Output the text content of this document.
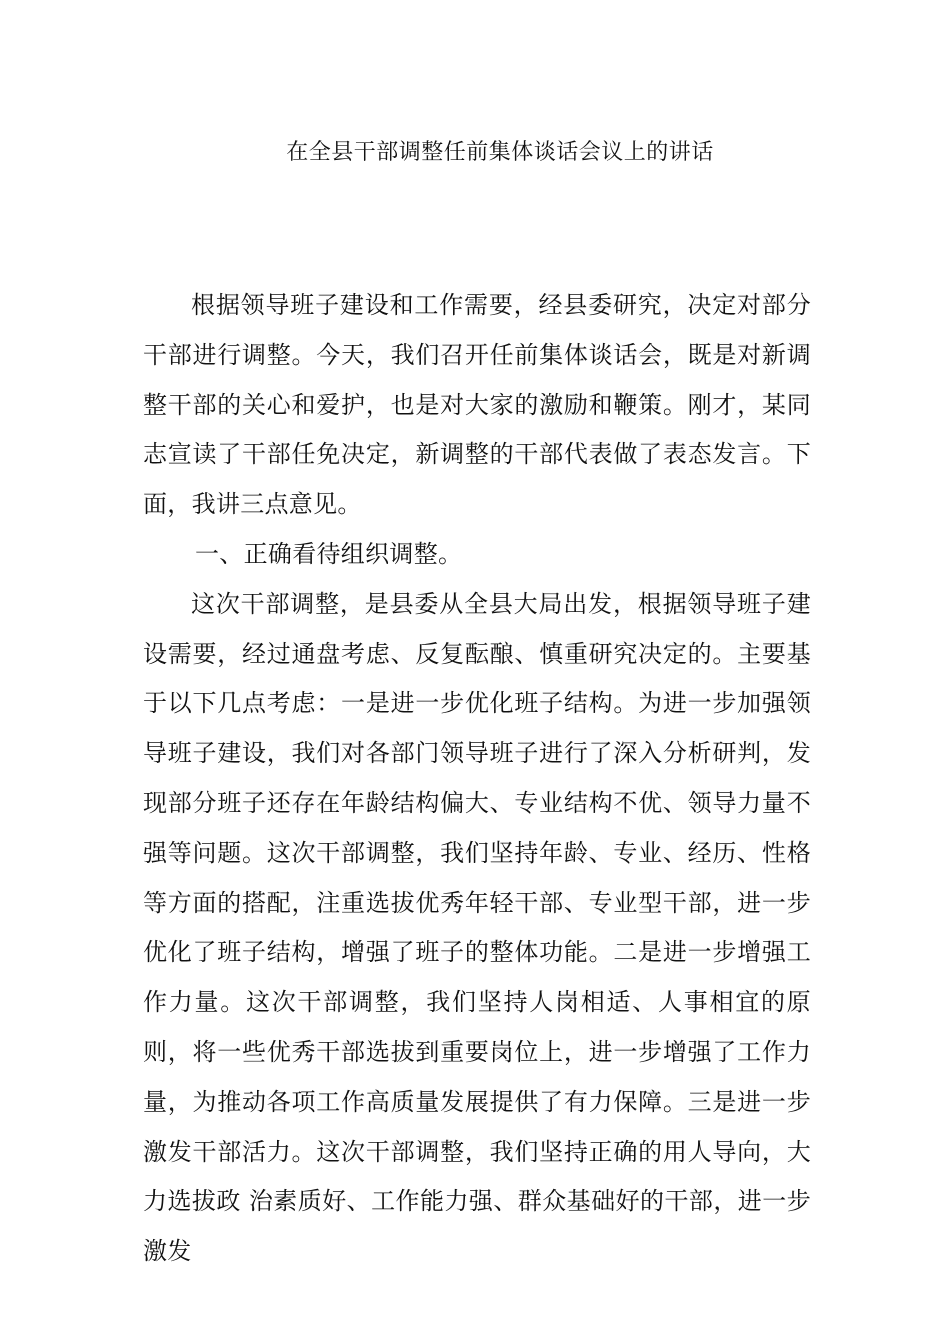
在全县干部调整任前集体谈话会议上的讲话

根据领导班子建设和工作需要，经县委研究，决定对部分干部进行调整。今天，我们召开任前集体谈话会，既是对新调整干部的关心和爱护，也是对大家的激励和鞭策。刚才，某同志宣读了干部任免决定，新调整的干部代表做了表态发言。下面，我讲三点意见。

一、正确看待组织调整。

这次干部调整，是县委从全县大局出发，根据领导班子建设需要，经过通盘考虑、反复酝酿、慎重研究决定的。主要基于以下几点考虑：一是进一步优化班子结构。为进一步加强领导班子建设，我们对各部门领导班子进行了深入分析研判，发现部分班子还存在年龄结构偏大、专业结构不优、领导力量不强等问题。这次干部调整，我们坚持年龄、专业、经历、性格等方面的搭配，注重选拔优秀年轻干部、专业型干部，进一步优化了班子结构，增强了班子的整体功能。二是进一步增强工作力量。这次干部调整，我们坚持人岗相适、人事相宜的原则，将一些优秀干部选拔到重要岗位上，进一步增强了工作力量，为推动各项工作高质量发展提供了有力保障。三是进一步激发干部活力。这次干部调整，我们坚持正确的用人导向，大力选拔政 治素质好、工作能力强、群众基础好的干部，进一步激发
